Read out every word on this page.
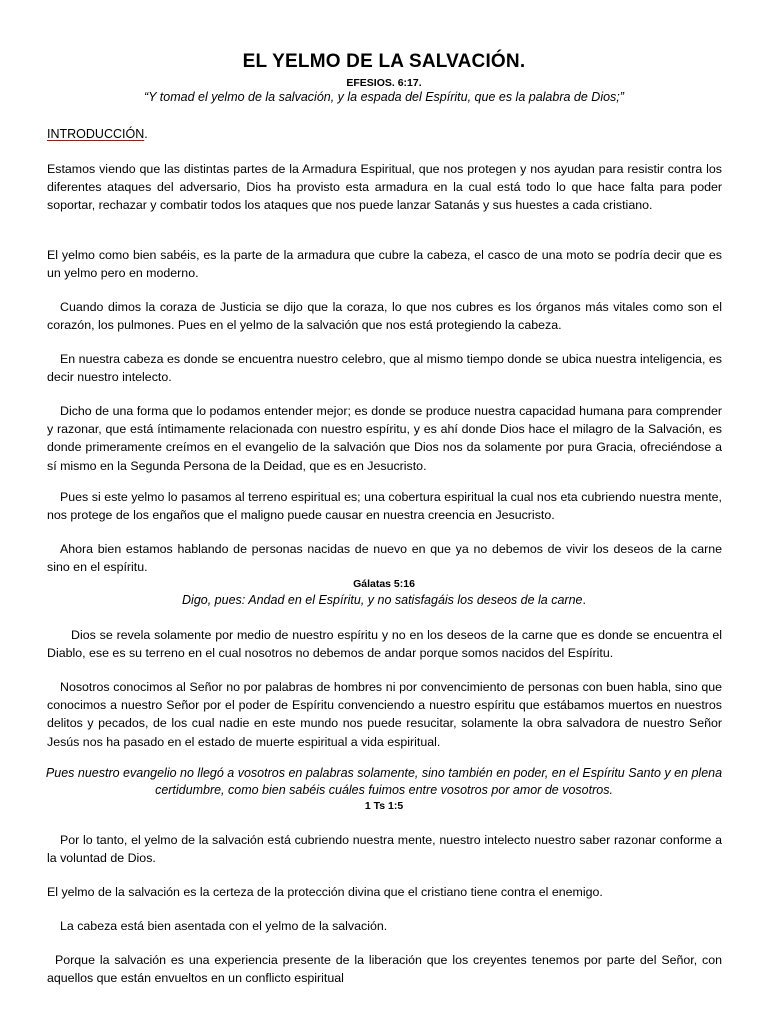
EL YELMO DE LA SALVACIÓN.
EFESIOS. 6:17.
“Y tomad el yelmo de la salvación, y la espada del Espíritu, que es la palabra de Dios;”
INTRODUCCIÓN.
Estamos viendo que las distintas partes de la Armadura Espiritual, que nos protegen y nos ayudan para resistir contra los diferentes ataques del adversario, Dios ha provisto esta armadura en la cual está todo lo que hace falta para poder soportar, rechazar y combatir todos los ataques que nos puede lanzar Satanás y sus huestes a cada cristiano.
El yelmo como bien sabéis, es la parte de la armadura que cubre la cabeza, el casco de una moto se podría decir que es un yelmo pero en moderno.
Cuando dimos la coraza de Justicia se dijo que la coraza, lo que nos cubres es los órganos más vitales como son el corazón, los pulmones. Pues en el yelmo de la salvación que nos está protegiendo la cabeza.
En nuestra cabeza es donde se encuentra nuestro celebro, que al mismo tiempo donde se ubica nuestra inteligencia, es decir nuestro intelecto.
Dicho de una forma que lo podamos entender mejor; es donde se produce nuestra capacidad humana para comprender y razonar, que está íntimamente relacionada con nuestro espíritu, y es ahí donde Dios hace el milagro de la Salvación, es donde primeramente creímos en el evangelio de la salvación que Dios nos da solamente por pura Gracia, ofreciéndose a sí mismo en la Segunda Persona de la Deidad, que es en Jesucristo.
Pues si este yelmo lo pasamos al terreno espiritual es; una cobertura espiritual la cual nos eta cubriendo nuestra mente, nos protege de los engaños que el maligno puede causar en nuestra creencia en Jesucristo.
Ahora bien estamos hablando de personas nacidas de nuevo en que ya no debemos de vivir los deseos de la carne sino en el espíritu.
Gálatas 5:16
Digo, pues: Andad en el Espíritu, y no satisfagáis los deseos de la carne.
Dios se revela solamente por medio de nuestro espíritu y no en los deseos de la carne que es donde se encuentra el Diablo, ese es su terreno en el cual nosotros no debemos de andar porque somos nacidos del Espíritu.
Nosotros conocimos al Señor no por palabras de hombres ni por convencimiento de personas con buen habla, sino que conocimos a nuestro Señor por el poder de Espíritu convenciendo a nuestro espíritu que estábamos muertos en nuestros delitos y pecados, de los cual nadie en este mundo nos puede resucitar, solamente la obra salvadora de nuestro Señor Jesús nos ha pasado en el estado de muerte espiritual a vida espiritual.
Pues nuestro evangelio no llegó a vosotros en palabras solamente, sino también en poder, en el Espíritu Santo y en plena certidumbre, como bien sabéis cuáles fuimos entre vosotros por amor de vosotros.
1 Ts 1:5
Por lo tanto, el yelmo de la salvación está cubriendo nuestra mente, nuestro intelecto nuestro saber razonar conforme a la voluntad de Dios.
El yelmo de la salvación es la certeza de la protección divina que el cristiano tiene contra el enemigo.
La cabeza está bien asentada con el yelmo de la salvación.
Porque la salvación es una experiencia presente de la liberación que los creyentes tenemos por parte del Señor, con aquellos que están envueltos en un conflicto espiritual
